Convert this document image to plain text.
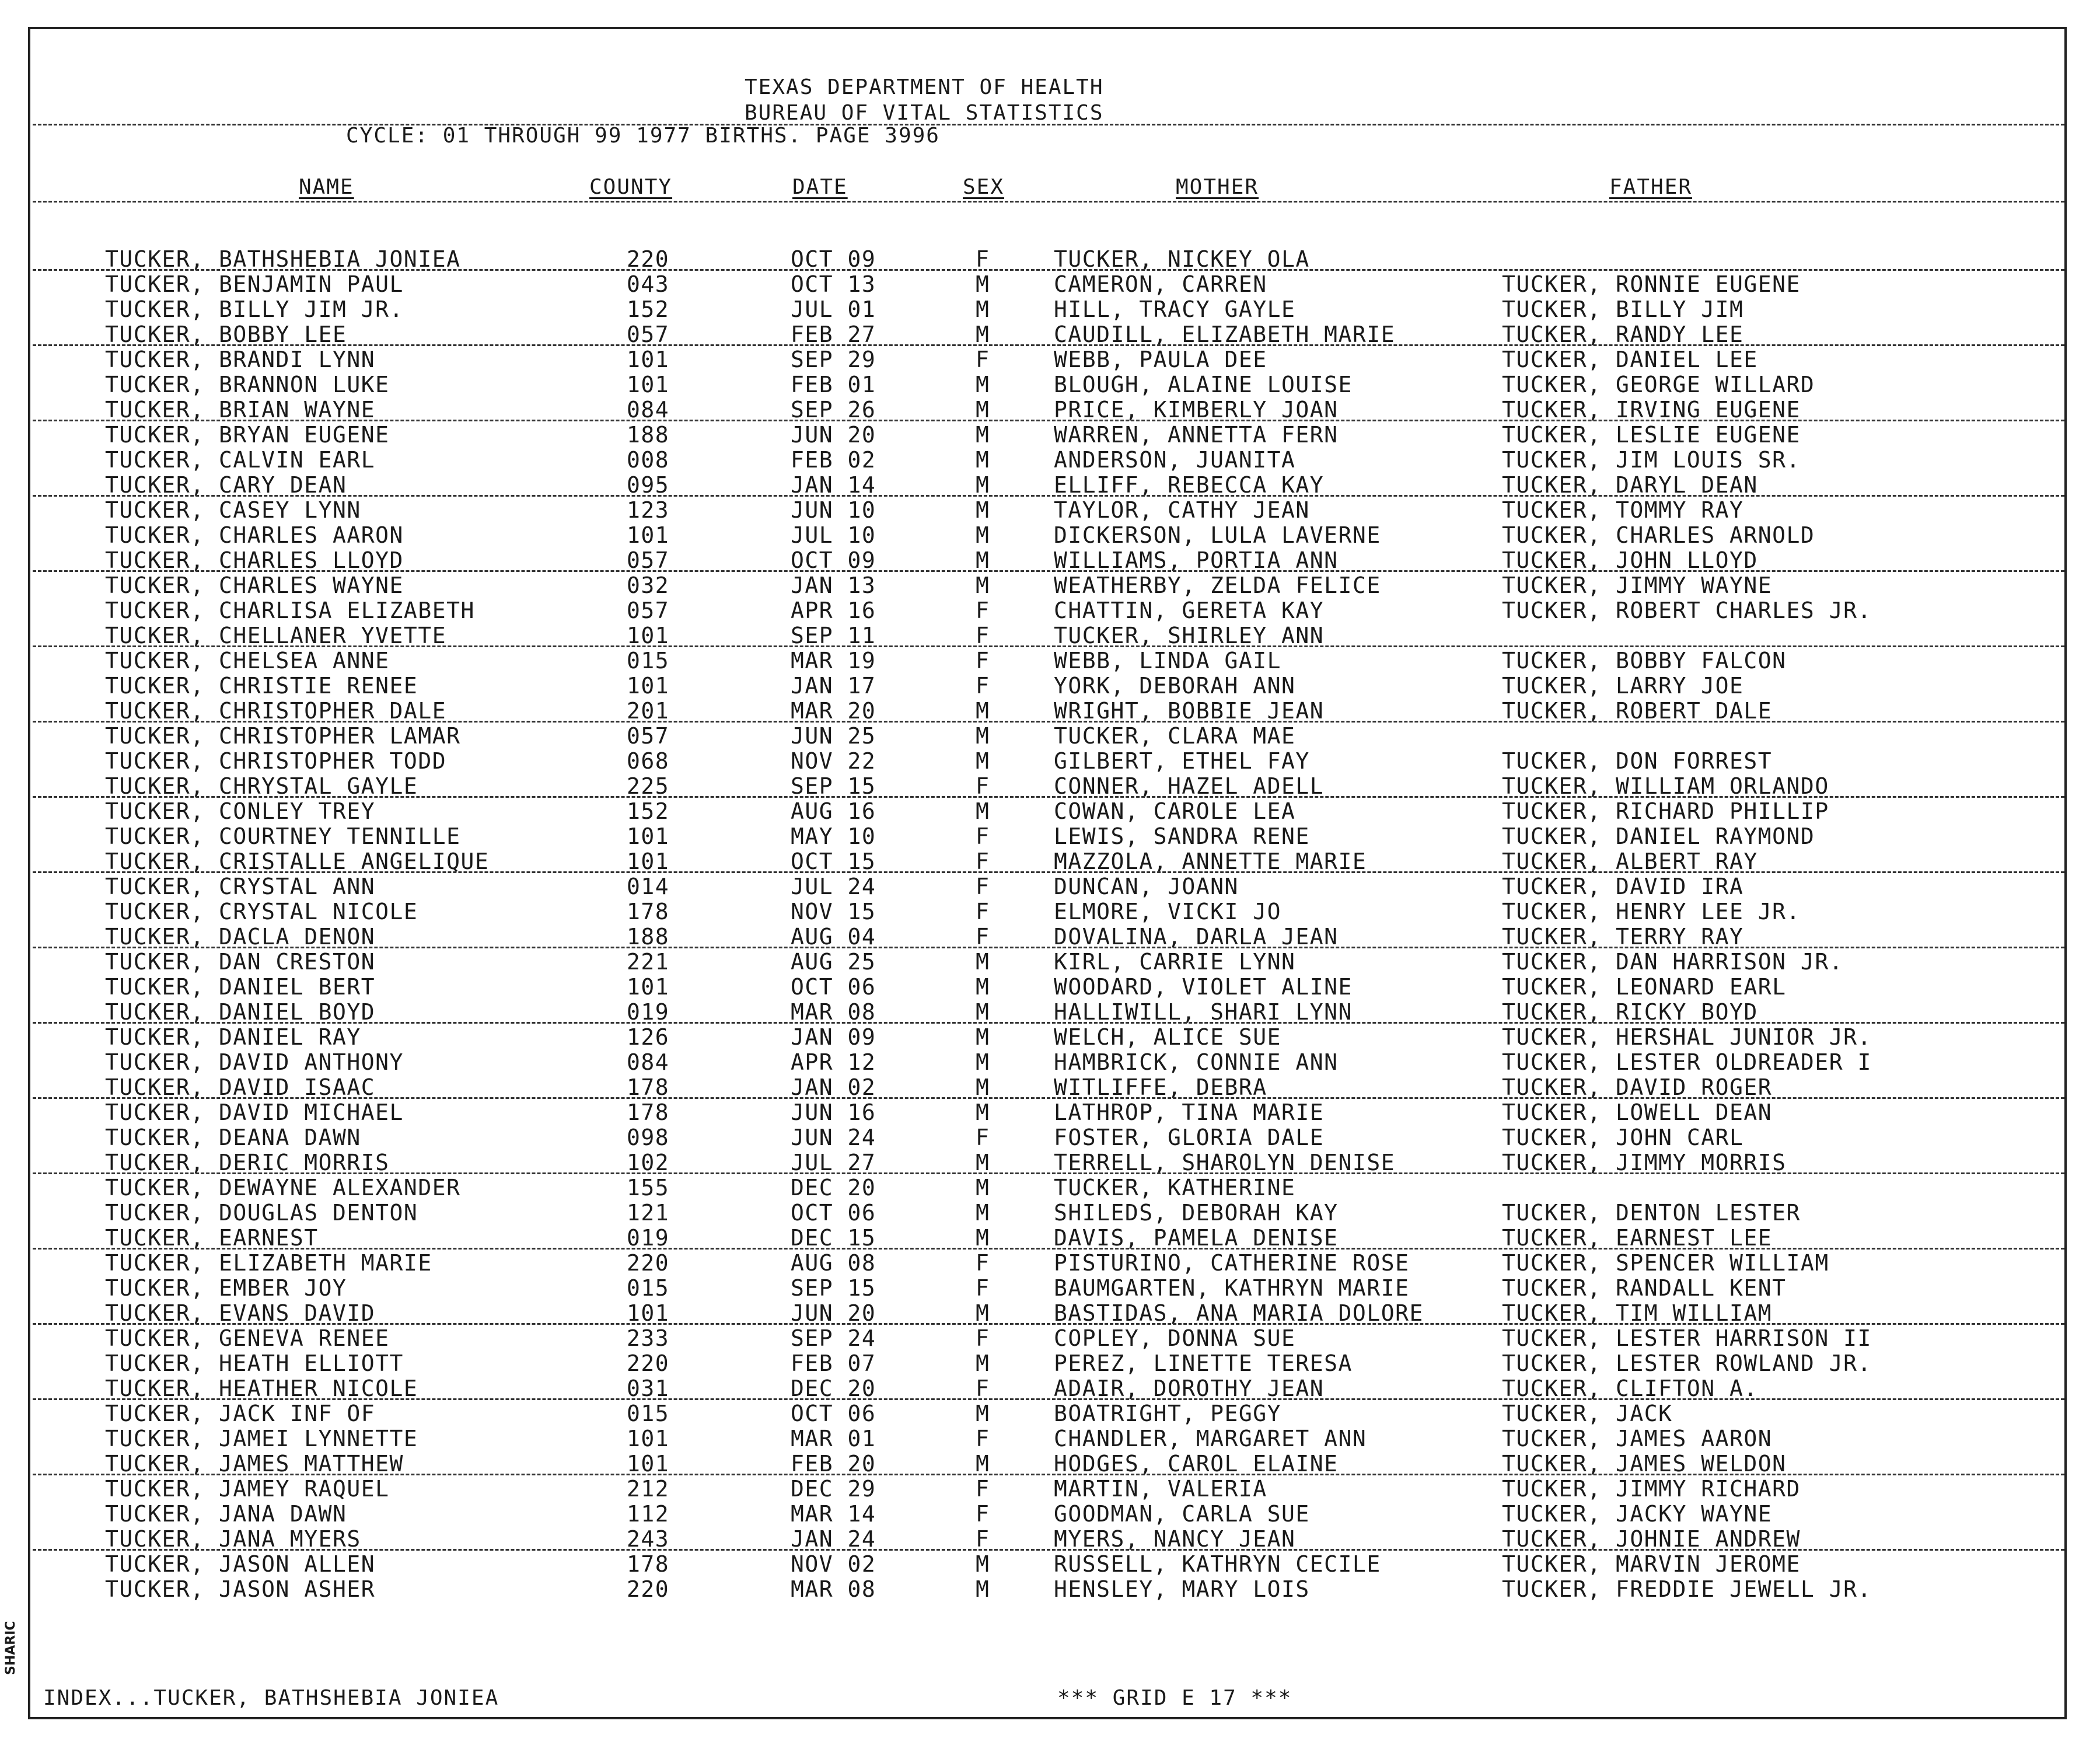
TEXAS DEPARTMENT OF HEALTH
BUREAU OF VITAL STATISTICS
CYCLE: 01 THROUGH 99 1977 BIRTHS. PAGE 3996
NAME	COUNTY	DATE	SEX	MOTHER	FATHER
TUCKER, BATHSHEBIA JONIEA	220	OCT 09	F	TUCKER, NICKEY OLA
TUCKER, BENJAMIN PAUL	043	OCT 13	M	CAMERON, CARREN	TUCKER, RONNIE EUGENE
TUCKER, BILLY JIM JR.	152	JUL 01	M	HILL, TRACY GAYLE	TUCKER, BILLY JIM
TUCKER, BOBBY LEE	057	FEB 27	M	CAUDILL, ELIZABETH MARIE	TUCKER, RANDY LEE
TUCKER, BRANDI LYNN	101	SEP 29	F	WEBB, PAULA DEE	TUCKER, DANIEL LEE
TUCKER, BRANNON LUKE	101	FEB 01	M	BLOUGH, ALAINE LOUISE	TUCKER, GEORGE WILLARD
TUCKER, BRIAN WAYNE	084	SEP 26	M	PRICE, KIMBERLY JOAN	TUCKER, IRVING EUGENE
TUCKER, BRYAN EUGENE	188	JUN 20	M	WARREN, ANNETTA FERN	TUCKER, LESLIE EUGENE
TUCKER, CALVIN EARL	008	FEB 02	M	ANDERSON, JUANITA	TUCKER, JIM LOUIS SR.
TUCKER, CARY DEAN	095	JAN 14	M	ELLIFF, REBECCA KAY	TUCKER, DARYL DEAN
TUCKER, CASEY LYNN	123	JUN 10	M	TAYLOR, CATHY JEAN	TUCKER, TOMMY RAY
TUCKER, CHARLES AARON	101	JUL 10	M	DICKERSON, LULA LAVERNE	TUCKER, CHARLES ARNOLD
TUCKER, CHARLES LLOYD	057	OCT 09	M	WILLIAMS, PORTIA ANN	TUCKER, JOHN LLOYD
TUCKER, CHARLES WAYNE	032	JAN 13	M	WEATHERBY, ZELDA FELICE	TUCKER, JIMMY WAYNE
TUCKER, CHARLISA ELIZABETH	057	APR 16	F	CHATTIN, GERETA KAY	TUCKER, ROBERT CHARLES JR.
TUCKER, CHELLANER YVETTE	101	SEP 11	F	TUCKER, SHIRLEY ANN
TUCKER, CHELSEA ANNE	015	MAR 19	F	WEBB, LINDA GAIL	TUCKER, BOBBY FALCON
TUCKER, CHRISTIE RENEE	101	JAN 17	F	YORK, DEBORAH ANN	TUCKER, LARRY JOE
TUCKER, CHRISTOPHER DALE	201	MAR 20	M	WRIGHT, BOBBIE JEAN	TUCKER, ROBERT DALE
TUCKER, CHRISTOPHER LAMAR	057	JUN 25	M	TUCKER, CLARA MAE
TUCKER, CHRISTOPHER TODD	068	NOV 22	M	GILBERT, ETHEL FAY	TUCKER, DON FORREST
TUCKER, CHRYSTAL GAYLE	225	SEP 15	F	CONNER, HAZEL ADELL	TUCKER, WILLIAM ORLANDO
TUCKER, CONLEY TREY	152	AUG 16	M	COWAN, CAROLE LEA	TUCKER, RICHARD PHILLIP
TUCKER, COURTNEY TENNILLE	101	MAY 10	F	LEWIS, SANDRA RENE	TUCKER, DANIEL RAYMOND
TUCKER, CRISTALLE ANGELIQUE	101	OCT 15	F	MAZZOLA, ANNETTE MARIE	TUCKER, ALBERT RAY
TUCKER, CRYSTAL ANN	014	JUL 24	F	DUNCAN, JOANN	TUCKER, DAVID IRA
TUCKER, CRYSTAL NICOLE	178	NOV 15	F	ELMORE, VICKI JO	TUCKER, HENRY LEE JR.
TUCKER, DACLA DENON	188	AUG 04	F	DOVALINA, DARLA JEAN	TUCKER, TERRY RAY
TUCKER, DAN CRESTON	221	AUG 25	M	KIRL, CARRIE LYNN	TUCKER, DAN HARRISON JR.
TUCKER, DANIEL BERT	101	OCT 06	M	WOODARD, VIOLET ALINE	TUCKER, LEONARD EARL
TUCKER, DANIEL BOYD	019	MAR 08	M	HALLIWILL, SHARI LYNN	TUCKER, RICKY BOYD
TUCKER, DANIEL RAY	126	JAN 09	M	WELCH, ALICE SUE	TUCKER, HERSHAL JUNIOR JR.
TUCKER, DAVID ANTHONY	084	APR 12	M	HAMBRICK, CONNIE ANN	TUCKER, LESTER OLDREADER I
TUCKER, DAVID ISAAC	178	JAN 02	M	WITLIFFE, DEBRA	TUCKER, DAVID ROGER
TUCKER, DAVID MICHAEL	178	JUN 16	M	LATHROP, TINA MARIE	TUCKER, LOWELL DEAN
TUCKER, DEANA DAWN	098	JUN 24	F	FOSTER, GLORIA DALE	TUCKER, JOHN CARL
TUCKER, DERIC MORRIS	102	JUL 27	M	TERRELL, SHAROLYN DENISE	TUCKER, JIMMY MORRIS
TUCKER, DEWAYNE ALEXANDER	155	DEC 20	M	TUCKER, KATHERINE
TUCKER, DOUGLAS DENTON	121	OCT 06	M	SHILEDS, DEBORAH KAY	TUCKER, DENTON LESTER
TUCKER, EARNEST	019	DEC 15	M	DAVIS, PAMELA DENISE	TUCKER, EARNEST LEE
TUCKER, ELIZABETH MARIE	220	AUG 08	F	PISTURINO, CATHERINE ROSE	TUCKER, SPENCER WILLIAM
TUCKER, EMBER JOY	015	SEP 15	F	BAUMGARTEN, KATHRYN MARIE	TUCKER, RANDALL KENT
TUCKER, EVANS DAVID	101	JUN 20	M	BASTIDAS, ANA MARIA DOLORE	TUCKER, TIM WILLIAM
TUCKER, GENEVA RENEE	233	SEP 24	F	COPLEY, DONNA SUE	TUCKER, LESTER HARRISON II
TUCKER, HEATH ELLIOTT	220	FEB 07	M	PEREZ, LINETTE TERESA	TUCKER, LESTER ROWLAND JR.
TUCKER, HEATHER NICOLE	031	DEC 20	F	ADAIR, DOROTHY JEAN	TUCKER, CLIFTON A.
TUCKER, JACK INF OF	015	OCT 06	M	BOATRIGHT, PEGGY	TUCKER, JACK
TUCKER, JAMEI LYNNETTE	101	MAR 01	F	CHANDLER, MARGARET ANN	TUCKER, JAMES AARON
TUCKER, JAMES MATTHEW	101	FEB 20	M	HODGES, CAROL ELAINE	TUCKER, JAMES WELDON
TUCKER, JAMEY RAQUEL	212	DEC 29	F	MARTIN, VALERIA	TUCKER, JIMMY RICHARD
TUCKER, JANA DAWN	112	MAR 14	F	GOODMAN, CARLA SUE	TUCKER, JACKY WAYNE
TUCKER, JANA MYERS	243	JAN 24	F	MYERS, NANCY JEAN	TUCKER, JOHNIE ANDREW
TUCKER, JASON ALLEN	178	NOV 02	M	RUSSELL, KATHRYN CECILE	TUCKER, MARVIN JEROME
TUCKER, JASON ASHER	220	MAR 08	M	HENSLEY, MARY LOIS	TUCKER, FREDDIE JEWELL JR.
SHARIC
INDEX...TUCKER, BATHSHEBIA JONIEA	*** GRID E 17 ***
